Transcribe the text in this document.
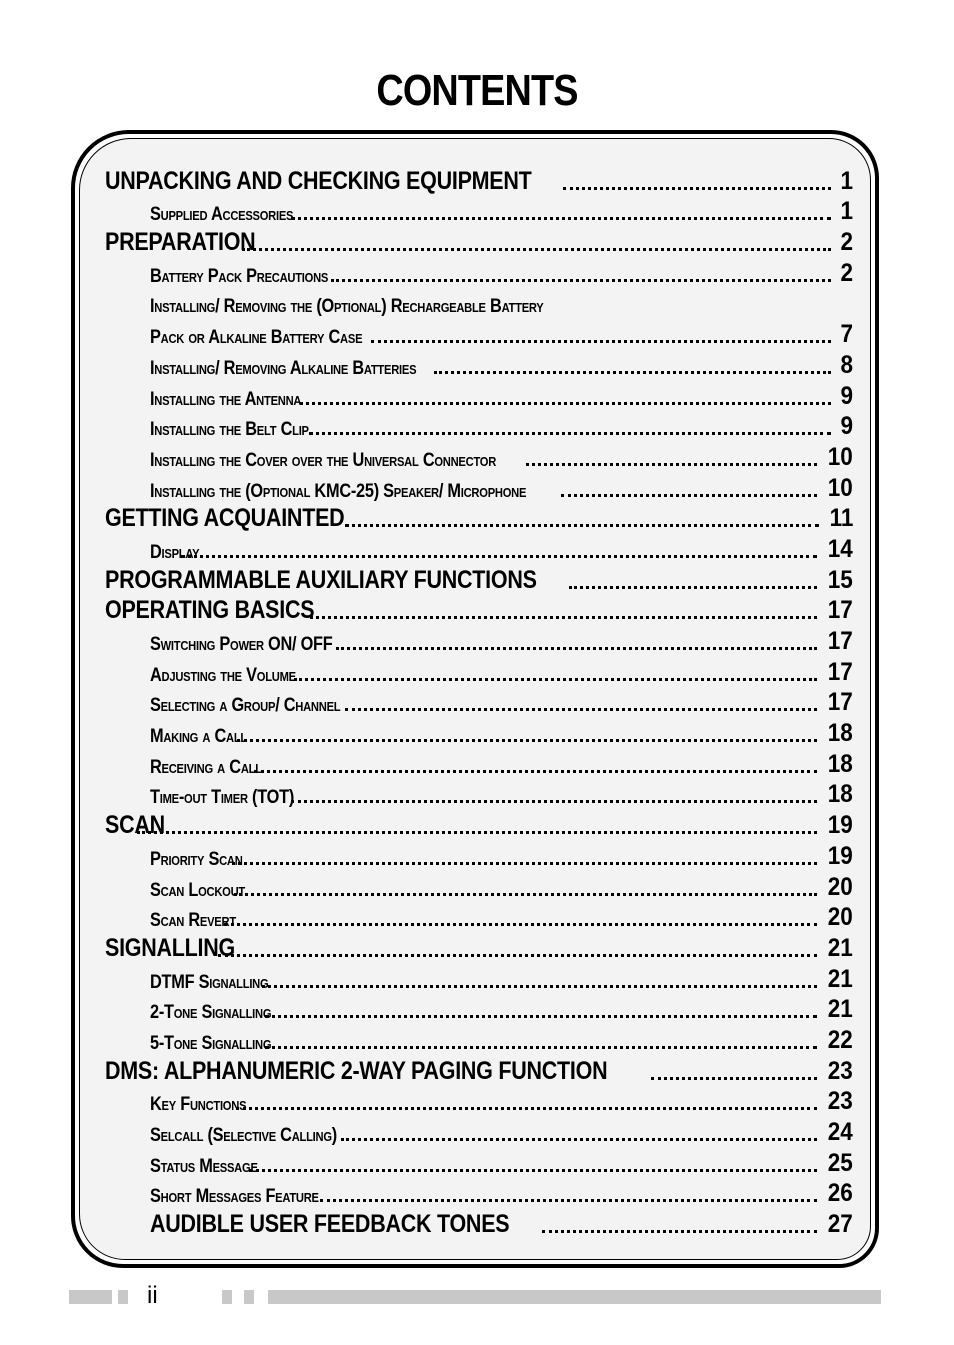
CONTENTS
UNPACKING AND CHECKING EQUIPMENT	1
Supplied Accessories	1
PREPARATION	2
Battery Pack Precautions	2
Installing/ Removing the (Optional) Rechargeable Battery
Pack or Alkaline Battery Case	7
Installing/ Removing Alkaline Batteries	8
Installing the Antenna	9
Installing the Belt Clip	9
Installing the Cover over the Universal Connector	10
Installing the (Optional KMC-25) Speaker/ Microphone	10
GETTING ACQUAINTED	11
Display	14
PROGRAMMABLE AUXILIARY FUNCTIONS	15
OPERATING BASICS	17
Switching Power ON/ OFF	17
Adjusting the Volume	17
Selecting a Group/ Channel	17
Making a Call	18
Receiving a Call	18
Time-out Timer (TOT)	18
SCAN	19
Priority Scan	19
Scan Lockout	20
Scan Revert	20
SIGNALLING	21
DTMF Signalling	21
2-Tone Signalling	21
5-Tone Signalling	22
DMS: ALPHANUMERIC 2-WAY PAGING FUNCTION	23
Key Functions	23
Selcall (Selective Calling)	24
Status Message	25
Short Messages Feature	26
AUDIBLE USER FEEDBACK TONES	27
ii
